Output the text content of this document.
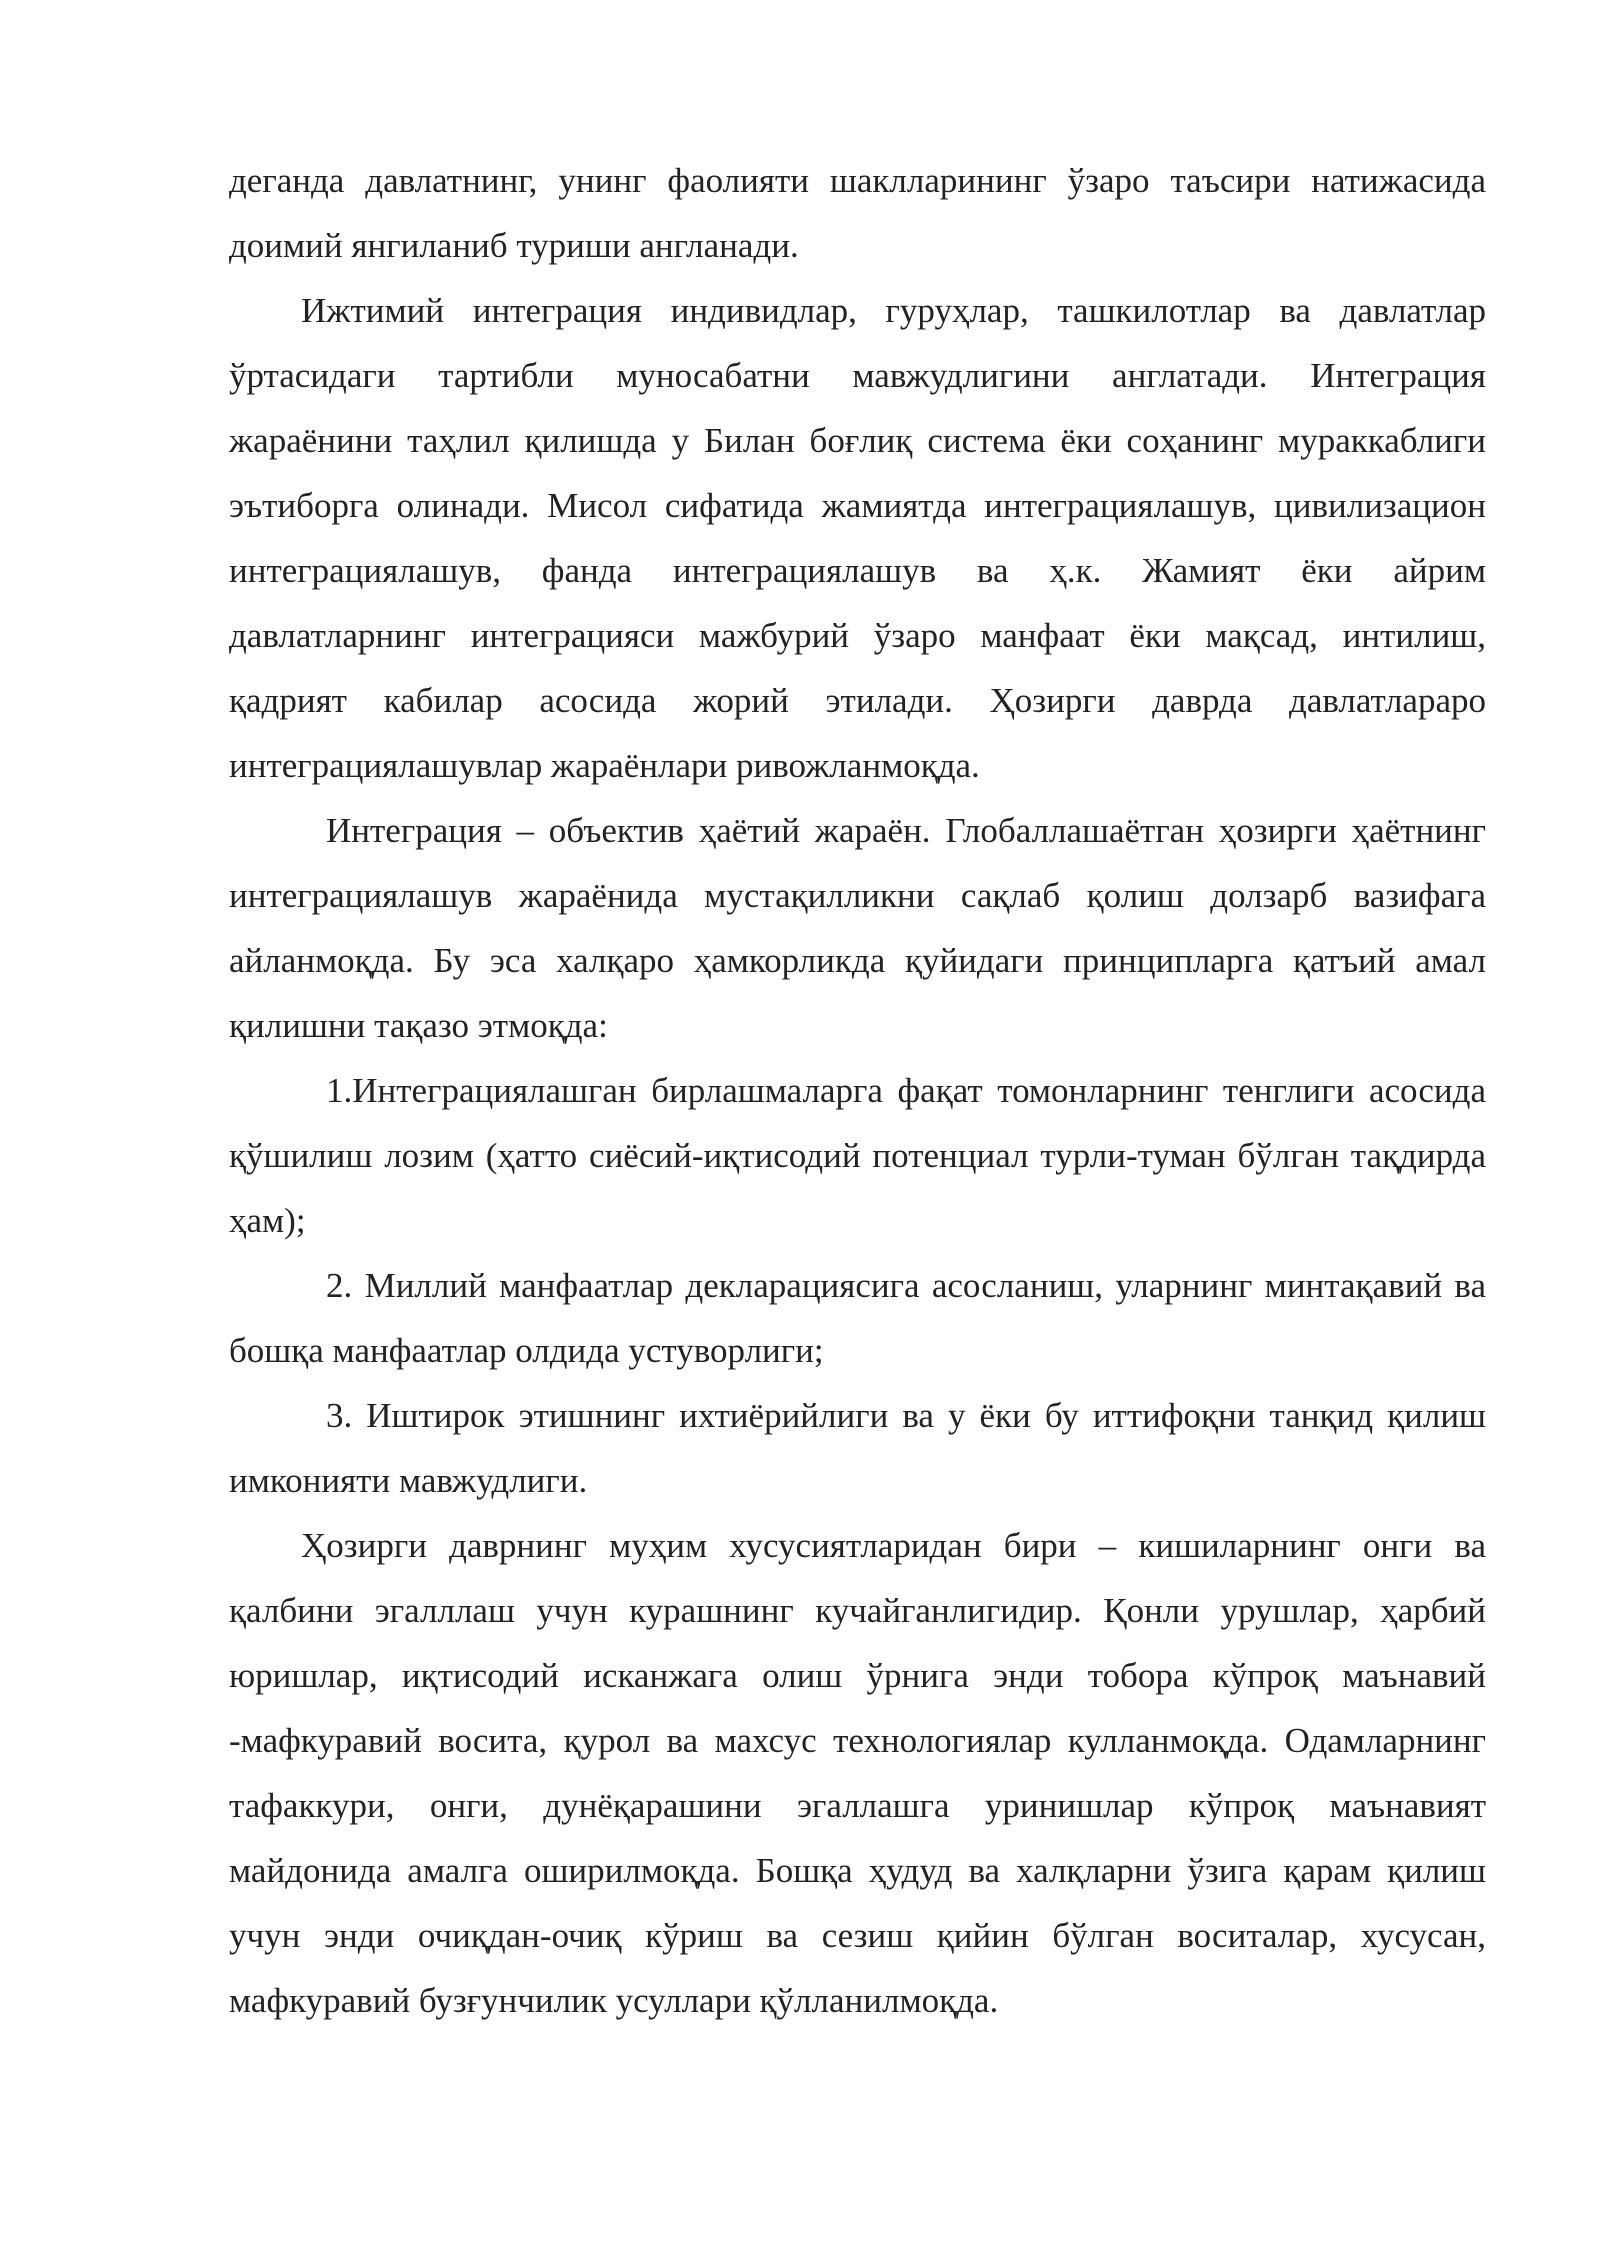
деганда давлатнинг, унинг фаолияти шаклларининг ўзаро таъсири натижасида доимий янгиланиб туриши англанади.

Ижтимий интеграция индивидлар, гуруҳлар, ташкилотлар ва давлатлар ўртасидаги тартибли муносабатни мавжудлигини англатади. Интеграция жараёнини таҳлил қилишда у Билан боғлиқ система ёки соҳанинг мураккаблиги эътиборга олинади. Мисол сифатида жамиятда интеграциялашув, цивилизацион интеграциялашув, фанда интеграциялашув ва ҳ.к. Жамият ёки айрим давлатларнинг интеграцияси мажбурий ўзаро манфаат ёки мақсад, интилиш, қадрият кабилар асосида жорий этилади. Ҳозирги даврда давлатлараро интеграциялашувлар жараёнлари ривожланмоқда.

Интеграция – объектив ҳаётий жараён. Глобаллашаётган ҳозирги ҳаётнинг интеграциялашув жараёнида мустақилликни сақлаб қолиш долзарб вазифага айланмоқда. Бу эса халқаро ҳамкорликда қуйидаги принципларга қатъий амал қилишни тақазо этмоқда:

1.Интеграциялашган бирлашмаларга фақат томонларнинг тенглиги асосида қўшилиш лозим (ҳатто сиёсий-иқтисодий потенциал турли-туман бўлган тақдирда ҳам);

2. Миллий манфаатлар декларациясига асосланиш, уларнинг минтақавий ва бошқа манфаатлар олдида устуворлиги;

3. Иштирок этишнинг ихтиёрийлиги ва у ёки бу иттифоқни танқид қилиш имконияти мавжудлиги.

Ҳозирги даврнинг муҳим хусусиятларидан бири – кишиларнинг онги ва қалбини эгалллаш учун курашнинг кучайганлигидир. Қонли урушлар, ҳарбий юришлар, иқтисодий исканжага олиш ўрнига энди тобора кўпроқ маънавий -мафкуравий восита, қурол ва махсус технологиялар кулланмоқда. Одамларнинг тафаккури, онги, дунёқарашини эгаллашга уринишлар кўпроқ маънавият майдонида амалга оширилмоқда. Бошқа ҳудуд ва халқларни ўзига қарам қилиш учун энди очиқдан-очиқ кўриш ва сезиш қийин бўлган воситалар, хусусан, мафкуравий бузғунчилик усуллари қўлланилмоқда.
